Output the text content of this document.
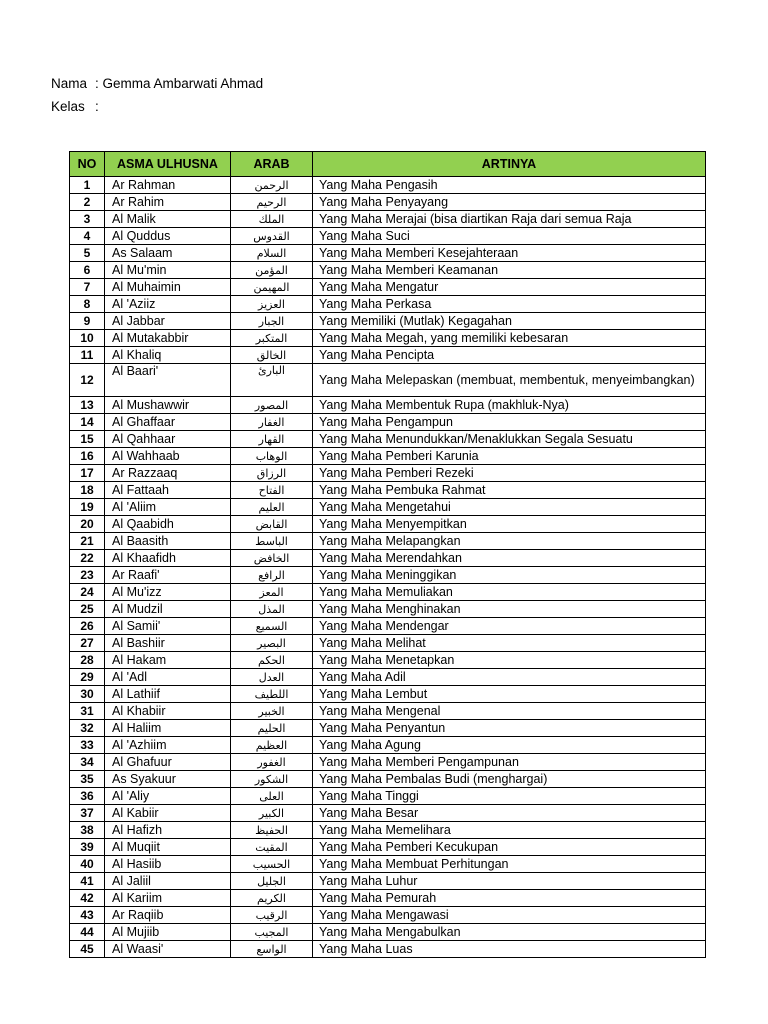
Nama : Gemma Ambarwati Ahmad
Kelas :
NO	ASMA ULHUSNA	ARAB	ARTINYA
1	Ar Rahman	الرحمن	Yang Maha Pengasih
2	Ar Rahim	الرحيم	Yang Maha Penyayang
3	Al Malik	الملك	Yang Maha Merajai (bisa diartikan Raja dari semua Raja
4	Al Quddus	القدوس	Yang Maha Suci
5	As Salaam	السلام	Yang Maha Memberi Kesejahteraan
6	Al Mu'min	المؤمن	Yang Maha Memberi Keamanan
7	Al Muhaimin	المهيمن	Yang Maha Mengatur
8	Al 'Aziiz	العزيز	Yang Maha Perkasa
9	Al Jabbar	الجبار	Yang Memiliki (Mutlak) Kegagahan
10	Al Mutakabbir	المتكبر	Yang Maha Megah, yang memiliki kebesaran
11	Al Khaliq	الخالق	Yang Maha Pencipta
12	Al Baari'	البارئ	Yang Maha Melepaskan (membuat, membentuk, menyeimbangkan)
13	Al Mushawwir	المصور	Yang Maha Membentuk Rupa (makhluk-Nya)
14	Al Ghaffaar	الغفار	Yang Maha Pengampun
15	Al Qahhaar	القهار	Yang Maha Menundukkan/Menaklukkan Segala Sesuatu
16	Al Wahhaab	الوهاب	Yang Maha Pemberi Karunia
17	Ar Razzaaq	الرزاق	Yang Maha Pemberi Rezeki
18	Al Fattaah	الفتاح	Yang Maha Pembuka Rahmat
19	Al 'Aliim	العليم	Yang Maha Mengetahui
20	Al Qaabidh	القابض	Yang Maha Menyempitkan
21	Al Baasith	الباسط	Yang Maha Melapangkan
22	Al Khaafidh	الخافض	Yang Maha Merendahkan
23	Ar Raafi'	الرافع	Yang Maha Meninggikan
24	Al Mu'izz	المعز	Yang Maha Memuliakan
25	Al Mudzil	المذل	Yang Maha Menghinakan
26	Al Samii'	السميع	Yang Maha Mendengar
27	Al Bashiir	البصير	Yang Maha Melihat
28	Al Hakam	الحكم	Yang Maha Menetapkan
29	Al 'Adl	العدل	Yang Maha Adil
30	Al Lathiif	اللطيف	Yang Maha Lembut
31	Al Khabiir	الخبير	Yang Maha Mengenal
32	Al Haliim	الحليم	Yang Maha Penyantun
33	Al 'Azhiim	العظيم	Yang Maha Agung
34	Al Ghafuur	الغفور	Yang Maha Memberi Pengampunan
35	As Syakuur	الشكور	Yang Maha Pembalas Budi (menghargai)
36	Al 'Aliy	العلى	Yang Maha Tinggi
37	Al Kabiir	الكبير	Yang Maha Besar
38	Al Hafizh	الحفيظ	Yang Maha Memelihara
39	Al Muqiit	المقيت	Yang Maha Pemberi Kecukupan
40	Al Hasiib	الحسيب	Yang Maha Membuat Perhitungan
41	Al Jaliil	الجليل	Yang Maha Luhur
42	Al Kariim	الكريم	Yang Maha Pemurah
43	Ar Raqiib	الرقيب	Yang Maha Mengawasi
44	Al Mujiib	المجيب	Yang Maha Mengabulkan
45	Al Waasi'	الواسع	Yang Maha Luas
